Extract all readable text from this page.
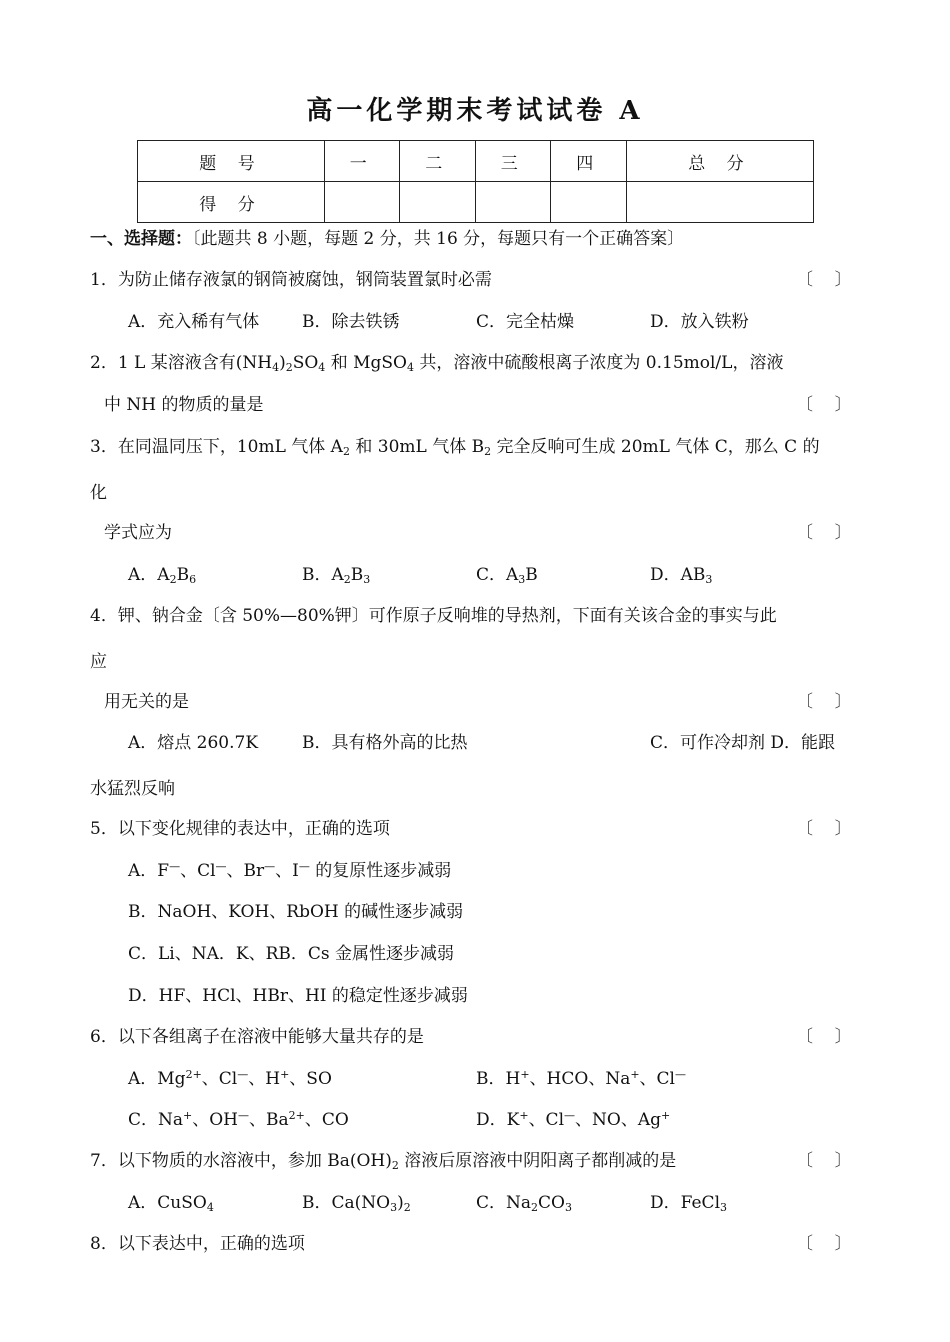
高一化学期末考试试卷 A
题 号	一	二	三	四	总 分
得 分					
一、选择题：〔此题共 8 小题，每题 2 分，共 16 分，每题只有一个正确答案〕
1．为防止储存液氯的钢筒被腐蚀，钢筒装置氯时必需	〔    〕
A．充入稀有气体	B．除去铁锈	C．完全枯燥	D．放入铁粉
2．1 L 某溶液含有$(NH_4)_2SO_4$ 和 MgSO$_4$ 共，溶液中硫酸根离子浓度为 0.15mol/L，溶液
中 NH 的物质的量是	〔    〕
3．在同温同压下，10mL 气体 $A_2$ 和 30mL 气体 $B_2$ 完全反响可生成 20mL 气体 C，那么 C 的
化
学式应为	〔    〕
A．$A_2B_6$	B．$A_2B_3$	C．$A_3B$	D．$AB_3$
4．钾、钠合金〔含 50%—80%钾〕可作原子反响堆的导热剂，下面有关该合金的事实与此
应
用无关的是	〔    〕
A．熔点 260.7K	B．具有格外高的比热	C．可作冷却剂 D．能跟
水猛烈反响
5．以下变化规律的表达中，正确的选项	〔    〕
A．F—、Cl—、Br—、I— 的复原性逐步减弱
B．NaOH、KOH、RbOH 的碱性逐步减弱
C．Li、NA．K、RB．Cs 金属性逐步减弱
D．HF、HCl、HBr、HI 的稳定性逐步减弱
6．以下各组离子在溶液中能够大量共存的是	〔    〕
A．$Mg^{2+}$、Cl—、H+、SO	B．H+、HCO、Na+、Cl—
C．Na+、OH—、$Ba^{2+}$、CO	D．K+、Cl—、NO、Ag+
7．以下物质的水溶液中，参加 $Ba(OH)_2$ 溶液后原溶液中阴阳离子都削减的是	〔    〕
A．CuSO$_4$	B．$Ca(NO_3)_2$	C．$Na_2CO_3$	D．FeCl$_3$
8．以下表达中，正确的选项	〔    〕
